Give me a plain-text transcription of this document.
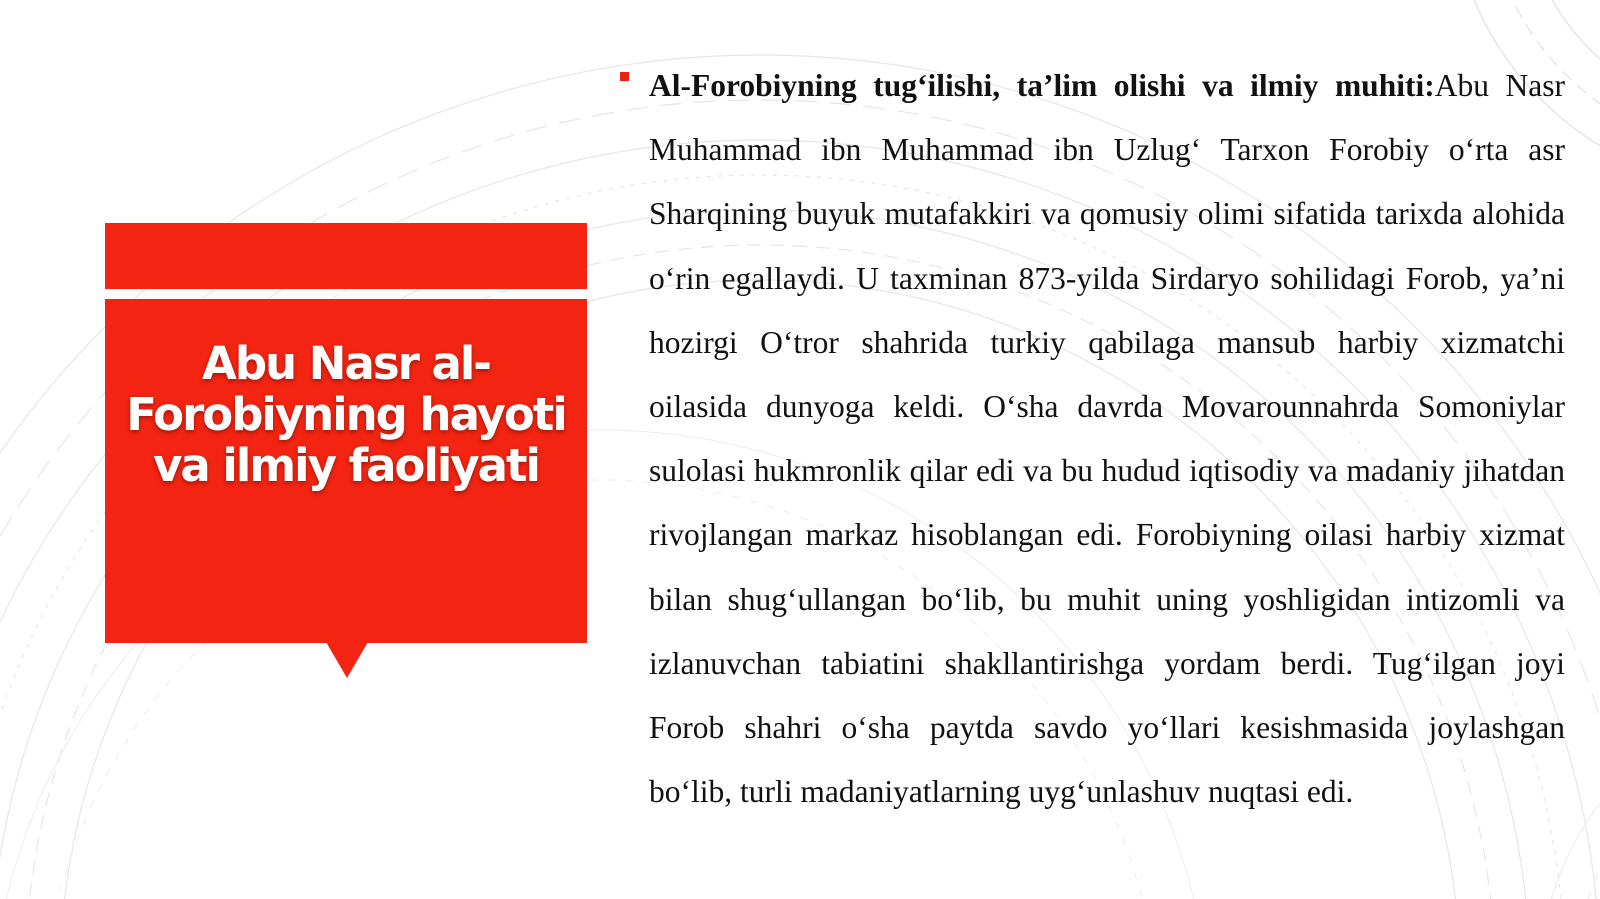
Abu Nasr al-Forobiyning hayoti va ilmiy faoliyati

Al-Forobiyning tug‘ilishi, ta’lim olishi va ilmiy muhiti:Abu Nasr Muhammad ibn Muhammad ibn Uzlug‘ Tarxon Forobiy o‘rta asr Sharqining buyuk mutafakkiri va qomusiy olimi sifatida tarixda alohida o‘rin egallaydi. U taxminan 873-yilda Sirdaryo sohilidagi Forob, ya’ni hozirgi O‘tror shahrida turkiy qabilaga mansub harbiy xizmatchi oilasida dunyoga keldi. O‘sha davrda Movarounnahrda Somoniylar sulolasi hukmronlik qilar edi va bu hudud iqtisodiy va madaniy jihatdan rivojlangan markaz hisoblangan edi. Forobiyning oilasi harbiy xizmat bilan shug‘ullangan bo‘lib, bu muhit uning yoshligidan intizomli va izlanuvchan tabiatini shakllantirishga yordam berdi. Tug‘ilgan joyi Forob shahri o‘sha paytda savdo yo‘llari kesishmasida joylashgan bo‘lib, turli madaniyatlarning uyg‘unlashuv nuqtasi edi.
